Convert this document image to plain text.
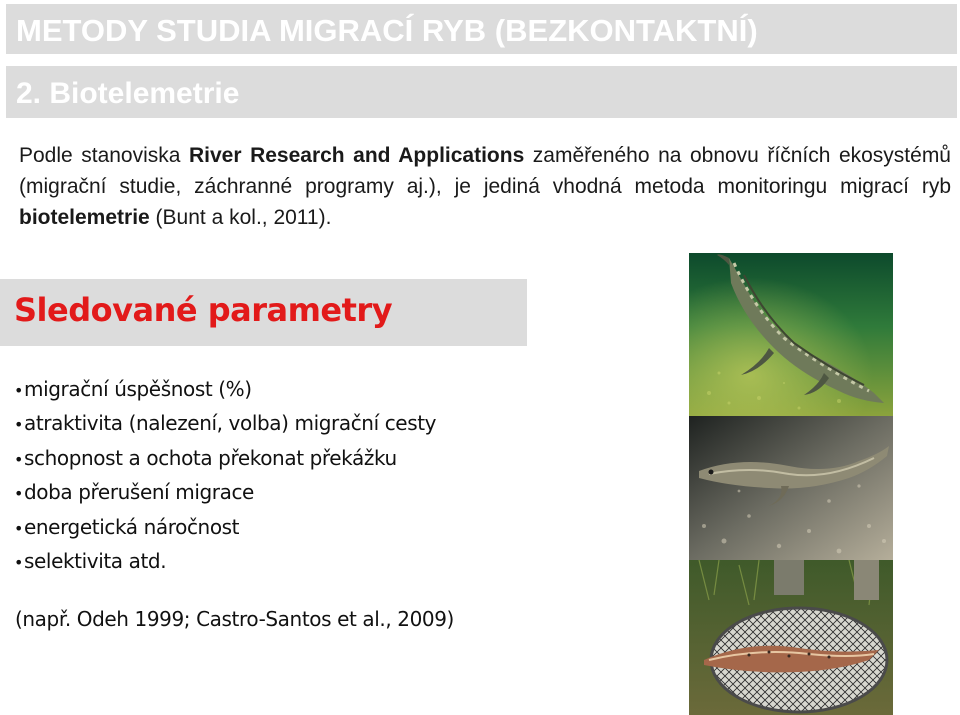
METODY STUDIA MIGRACÍ RYB (BEZKONTAKTNÍ)
2. Biotelemetrie
Podle stanoviska River Research and Applications zaměřeného na obnovu říčních ekosystémů (migrační studie, záchranné programy aj.), je jediná vhodná metoda monitoringu migrací ryb biotelemetrie (Bunt a kol., 2011).
Sledované parametry
•migrační úspěšnost (%)
•atraktivita (nalezení, volba) migrační cesty
•schopnost a ochota překonat překážku
•doba přerušení migrace
•energetická náročnost
•selektivita atd.
(např. Odeh 1999; Castro-Santos et al., 2009)
